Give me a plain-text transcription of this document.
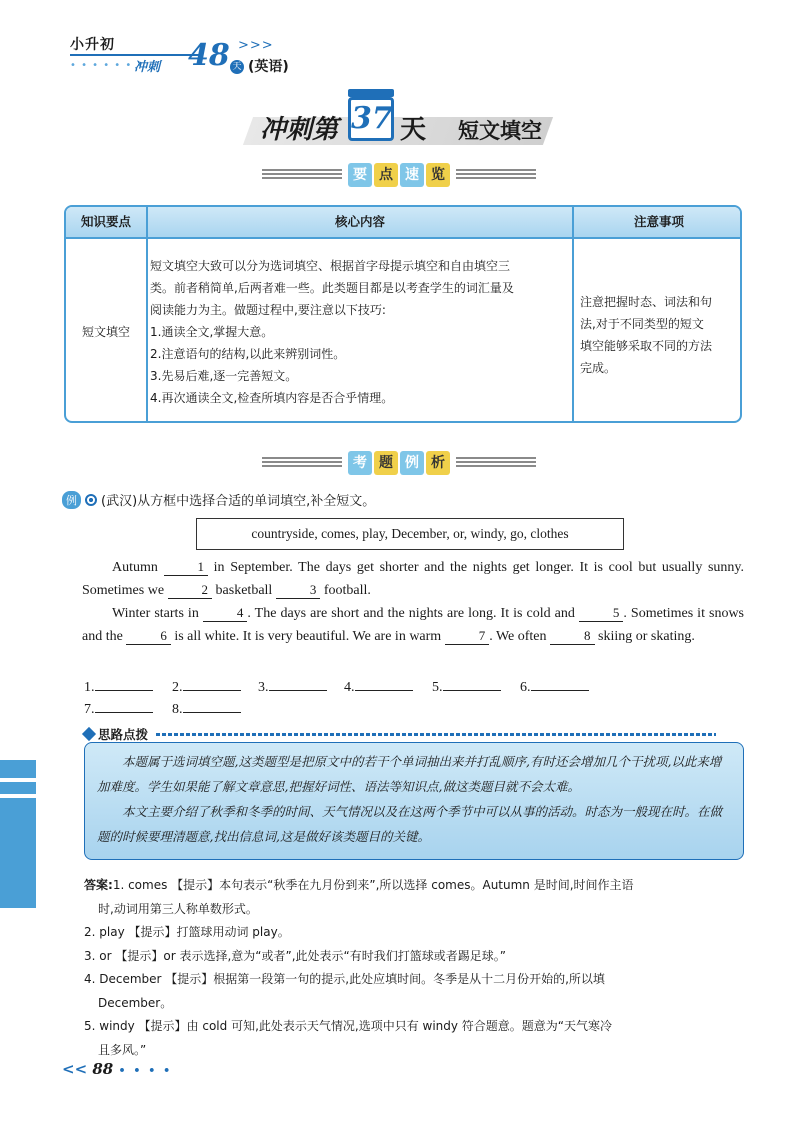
小升初
• • • • • • •
冲刺 48 天
>>>
(英语)
冲刺第 37 天 短文填空
要 点 速 览
知识要点	核心内容	注意事项
短文填空
短文填空大致可以分为选词填空、根据首字母提示填空和自由填空三
类。前者稍简单,后两者难一些。此类题目都是以考查学生的词汇量及
阅读能力为主。做题过程中,要注意以下技巧:
1.通读全文,掌握大意。
2.注意语句的结构,以此来辨别词性。
3.先易后难,逐一完善短文。
4.再次通读全文,检查所填内容是否合乎情理。
注意把握时态、词法和句
法,对于不同类型的短文
填空能够采取不同的方法
完成。
考 题 例 析
例	(武汉)从方框中选择合适的单词填空,补全短文。
countryside, comes, play, December, or, windy, go, clothes
Autumn	1 in September. The days get shorter and the nights get longer. It is cool but usually sunny. Sometimes we	2 basketball	3 football.
Winter starts in	4 . The days are short and the nights are long. It is cold and	5 . Sometimes it snows and the	6 is all white. It is very beautiful. We are in warm	7 . We often	8 skiing or skating.
1.	2.	3.	4.	5.	6.
7.	8.
思路点拨

本题属于选词填空题,这类题型是把原文中的若干个单词抽出来并打乱顺序,有时还会增加几个干扰项,以此来增加难度。学生如果能了解文章意思,把握好词性、语法等知识点,做这类题目就不会太难。

本文主要介绍了秋季和冬季的时间、天气情况以及在这两个季节中可以从事的活动。时态为一般现在时。在做题的时候要理清题意,找出信息词,这是做好该类题目的关键。

答案:1. comes 【提示】本句表示“秋季在九月份到来”,所以选择 comes。Autumn 是时间,时间作主语
时,动词用第三人称单数形式。
2. play 【提示】打篮球用动词 play。
3. or 【提示】or 表示选择,意为“或者”,此处表示“有时我们打篮球或者踢足球。”
4. December 【提示】根据第一段第一句的提示,此处应填时间。冬季是从十二月份开始的,所以填
December。
5. windy 【提示】由 cold 可知,此处表示天气情况,选项中只有 windy 符合题意。题意为“天气寒冷
且多风。”
<< 88 • • • •
